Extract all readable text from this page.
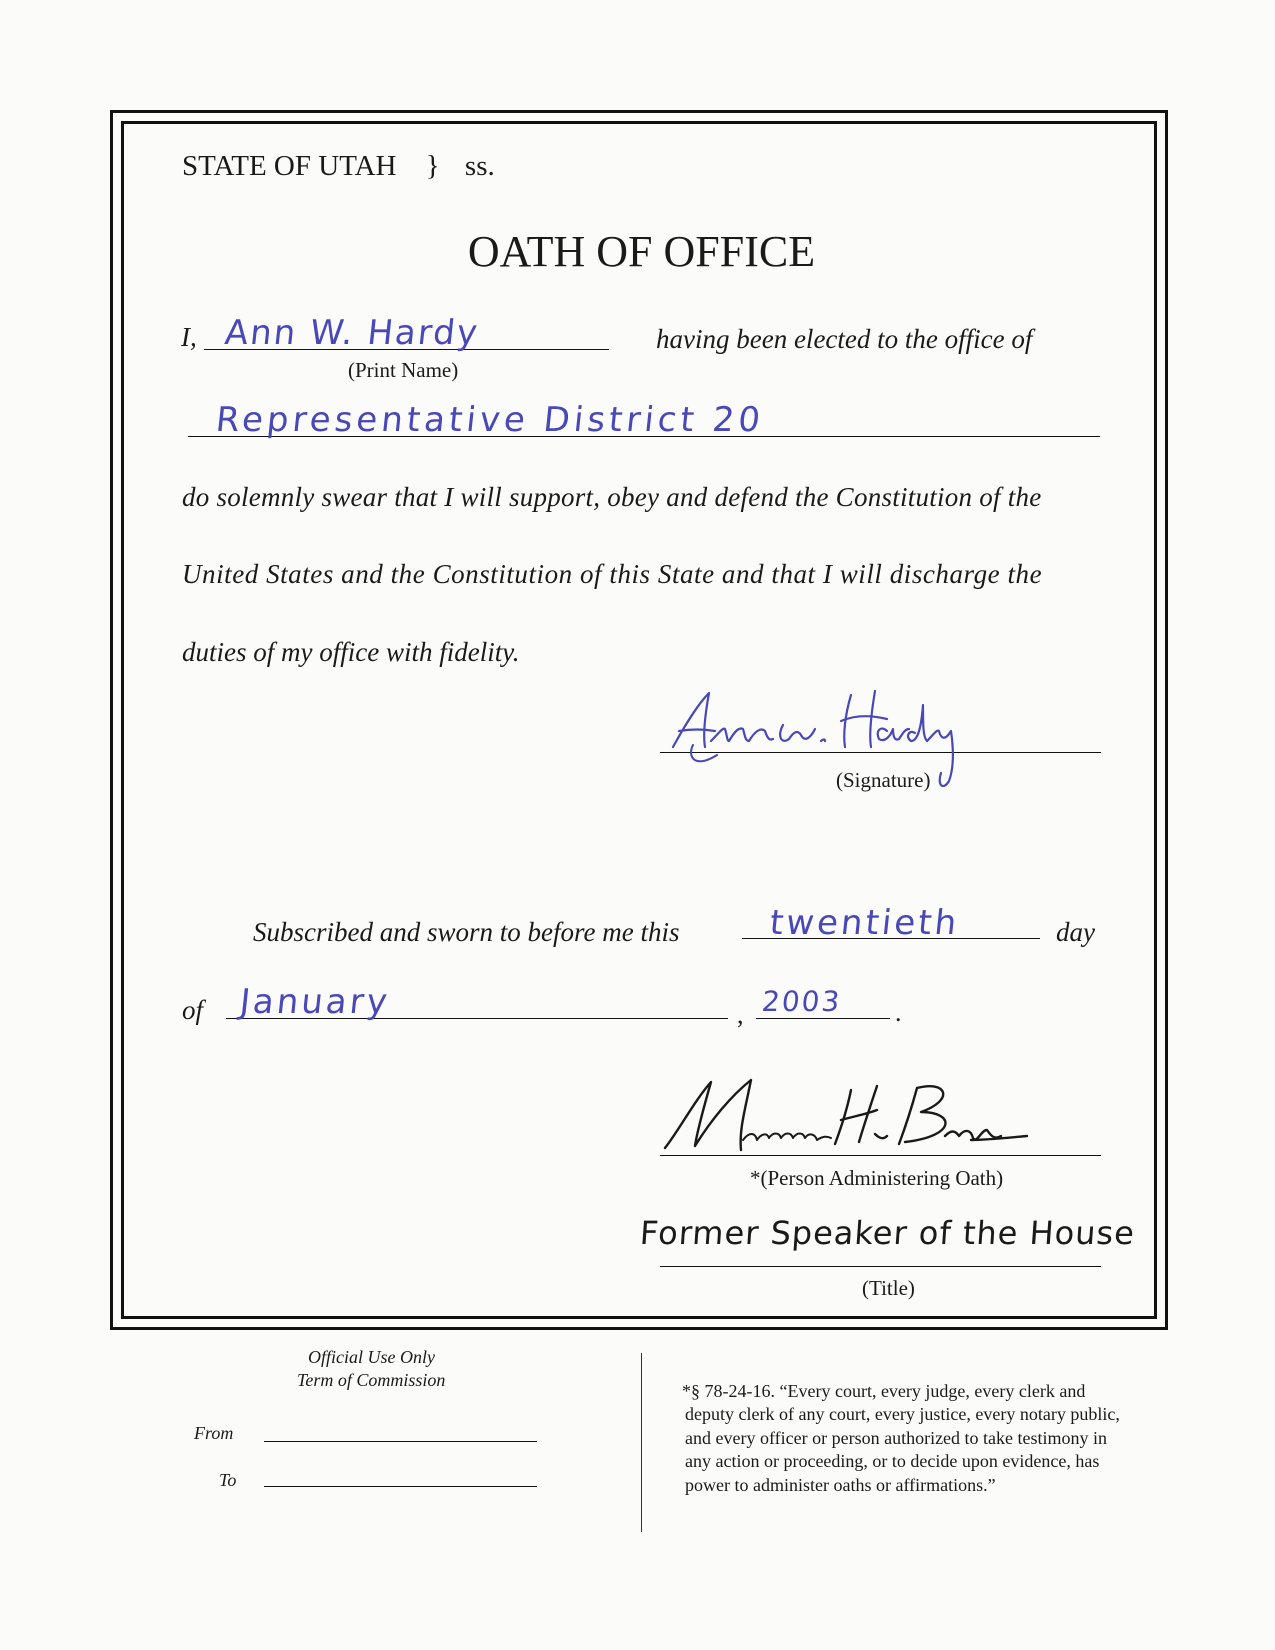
STATE OF UTAH } ss.
OATH OF OFFICE
I, Ann W. Hardy
(Print Name)
having been elected to the office of
Representative District 20
do solemnly swear that I will support, obey and defend the Constitution of the
United States and the Constitution of this State and that I will discharge the
duties of my office with fidelity.
(Signature)
Subscribed and sworn to before me this	twentieth	day
of January	, 2003 .
*(Person Administering Oath)
Former Speaker of the House
(Title)
Official Use Only
Term of Commission
From
To
*§ 78-24-16. “Every court, every judge, every clerk and
deputy clerk of any court, every justice, every notary public,
and every officer or person authorized to take testimony in
any action or proceeding, or to decide upon evidence, has
power to administer oaths or affirmations.”
